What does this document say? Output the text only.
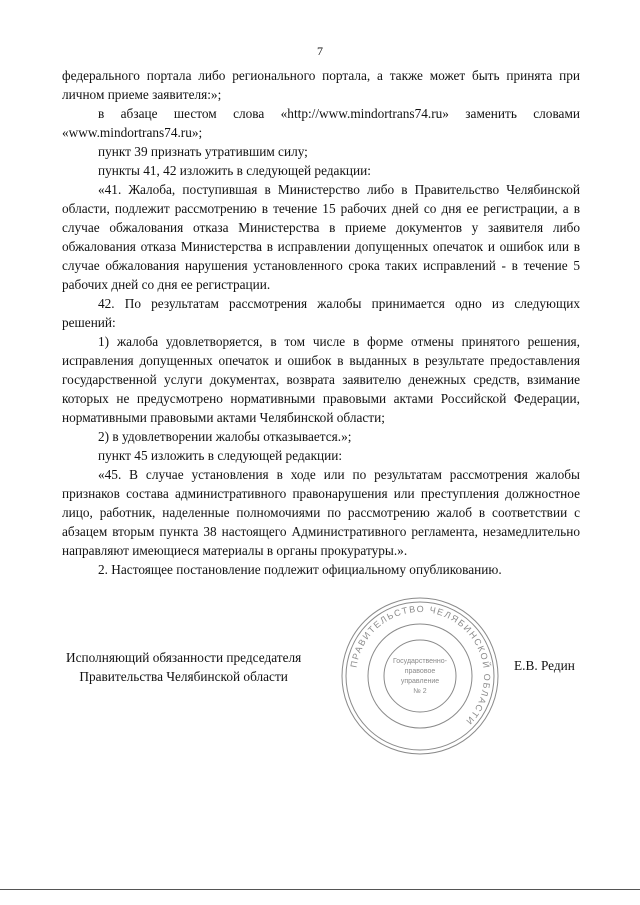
7

федерального портала либо регионального портала, а также может быть принята при личном приеме заявителя:»;

в абзаце шестом слова «http://www.mindortrans74.ru» заменить словами «www.mindortrans74.ru»;

пункт 39 признать утратившим силу;

пункты 41, 42 изложить в следующей редакции:

«41. Жалоба, поступившая в Министерство либо в Правительство Челябинской области, подлежит рассмотрению в течение 15 рабочих дней со дня ее регистрации, а в случае обжалования отказа Министерства в приеме документов у заявителя либо обжалования отказа Министерства в исправлении допущенных опечаток и ошибок или в случае обжалования нарушения установленного срока таких исправлений - в течение 5 рабочих дней со дня ее регистрации.

42. По результатам рассмотрения жалобы принимается одно из следующих решений:

1) жалоба удовлетворяется, в том числе в форме отмены принятого решения, исправления допущенных опечаток и ошибок в выданных в результате предоставления государственной услуги документах, возврата заявителю денежных средств, взимание которых не предусмотрено нормативными правовыми актами Российской Федерации, нормативными правовыми актами Челябинской области;

2) в удовлетворении жалобы отказывается.»;

пункт 45 изложить в следующей редакции:

«45. В случае установления в ходе или по результатам рассмотрения жалобы признаков состава административного правонарушения или преступления должностное лицо, работник, наделенные полномочиями по рассмотрению жалоб в соответствии с абзацем вторым пункта 38 настоящего Административного регламента, незамедлительно направляют имеющиеся материалы в органы прокуратуры.».

2. Настоящее постановление подлежит официальному опубликованию.

Исполняющий обязанности председателя
Правительства Челябинской области
Е.В. Редин
ПРАВИТЕЛЬСТВО ЧЕЛЯБИНСКОЙ ОБЛАСТИ
Государственно-
правовое
управление
№ 2
